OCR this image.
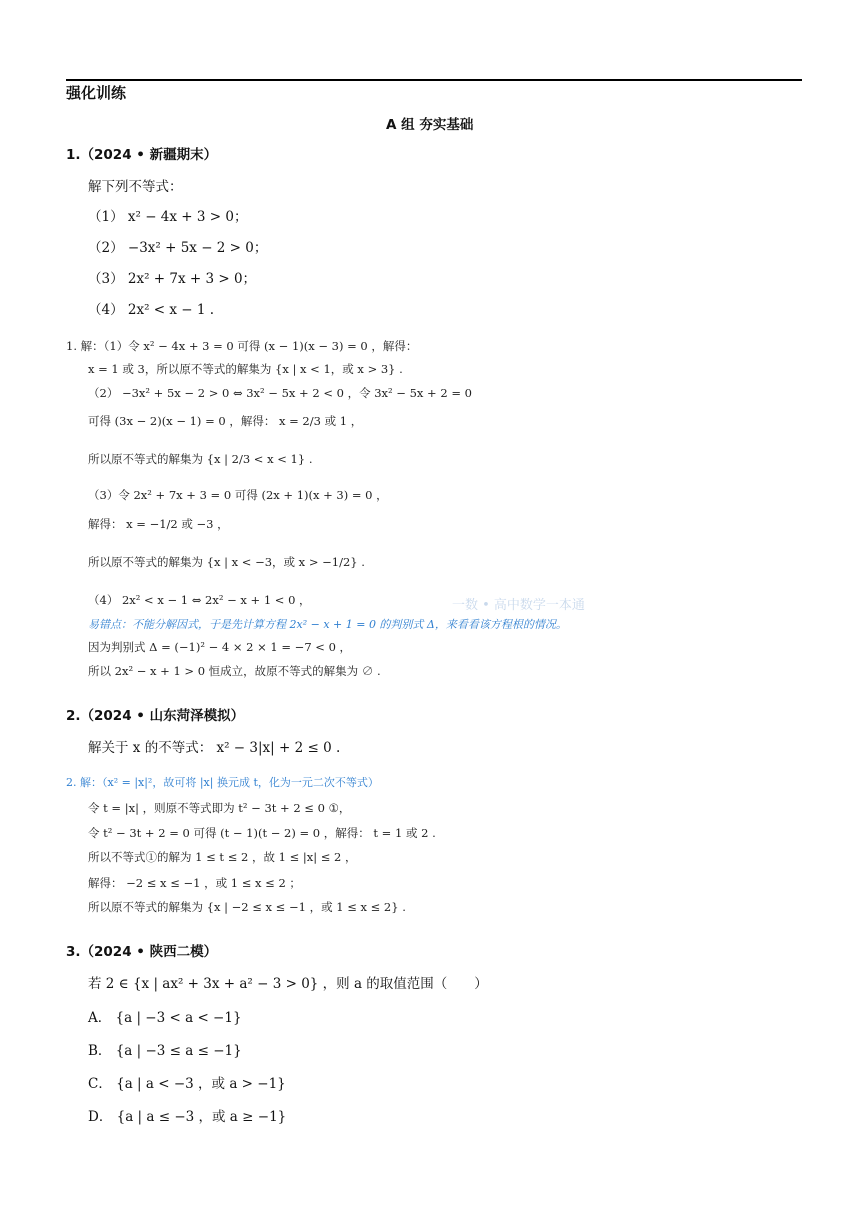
强化训练
A 组 夯实基础
1.（2024 • 新疆期末）
解下列不等式：
（1） x² − 4x + 3 > 0；
（2） −3x² + 5x − 2 > 0；
（3） 2x² + 7x + 3 > 0；
（4） 2x² < x − 1 .
1. 解：（1）令 x² − 4x + 3 = 0 可得 (x − 1)(x − 3) = 0 ，解得：
x = 1 或 3，所以原不等式的解集为 {x | x < 1，或 x > 3} .
（2） −3x² + 5x − 2 > 0 ⇔ 3x² − 5x + 2 < 0 ，令 3x² − 5x + 2 = 0
可得 (3x − 2)(x − 1) = 0 ，解得： x = 2/3 或 1 ，
所以原不等式的解集为 {x | 2/3 < x < 1} .
（3）令 2x² + 7x + 3 = 0 可得 (2x + 1)(x + 3) = 0 ，
解得： x = −1/2 或 −3 ，
所以原不等式的解集为 {x | x < −3，或 x > −1/2} .
（4） 2x² < x − 1 ⇔ 2x² − x + 1 < 0 ，	一数 • 高中数学一本通
易错点：不能分解因式，于是先计算方程 2x² − x + 1 = 0 的判别式 Δ，来看看该方程根的情况。
因为判别式 Δ = (−1)² − 4 × 2 × 1 = −7 < 0 ，
所以 2x² − x + 1 > 0 恒成立，故原不等式的解集为 ∅ .
2.（2024 • 山东菏泽模拟）
解关于 x 的不等式： x² − 3|x| + 2 ≤ 0 .
2. 解：（x² = |x|²，故可将 |x| 换元成 t，化为一元二次不等式）
令 t = |x| ，则原不等式即为 t² − 3t + 2 ≤ 0 ①，
令 t² − 3t + 2 = 0 可得 (t − 1)(t − 2) = 0 ，解得： t = 1 或 2 .
所以不等式①的解为 1 ≤ t ≤ 2 ，故 1 ≤ |x| ≤ 2 ，
解得： −2 ≤ x ≤ −1 ，或 1 ≤ x ≤ 2 ；
所以原不等式的解集为 {x | −2 ≤ x ≤ −1 ，或 1 ≤ x ≤ 2} .
3.（2024 • 陕西二模）
若 2 ∈ {x | ax² + 3x + a² − 3 > 0} ，则 a 的取值范围（　　）
A． {a | −3 < a < −1}
B． {a | −3 ≤ a ≤ −1}
C． {a | a < −3 ，或 a > −1}
D． {a | a ≤ −3 ，或 a ≥ −1}
